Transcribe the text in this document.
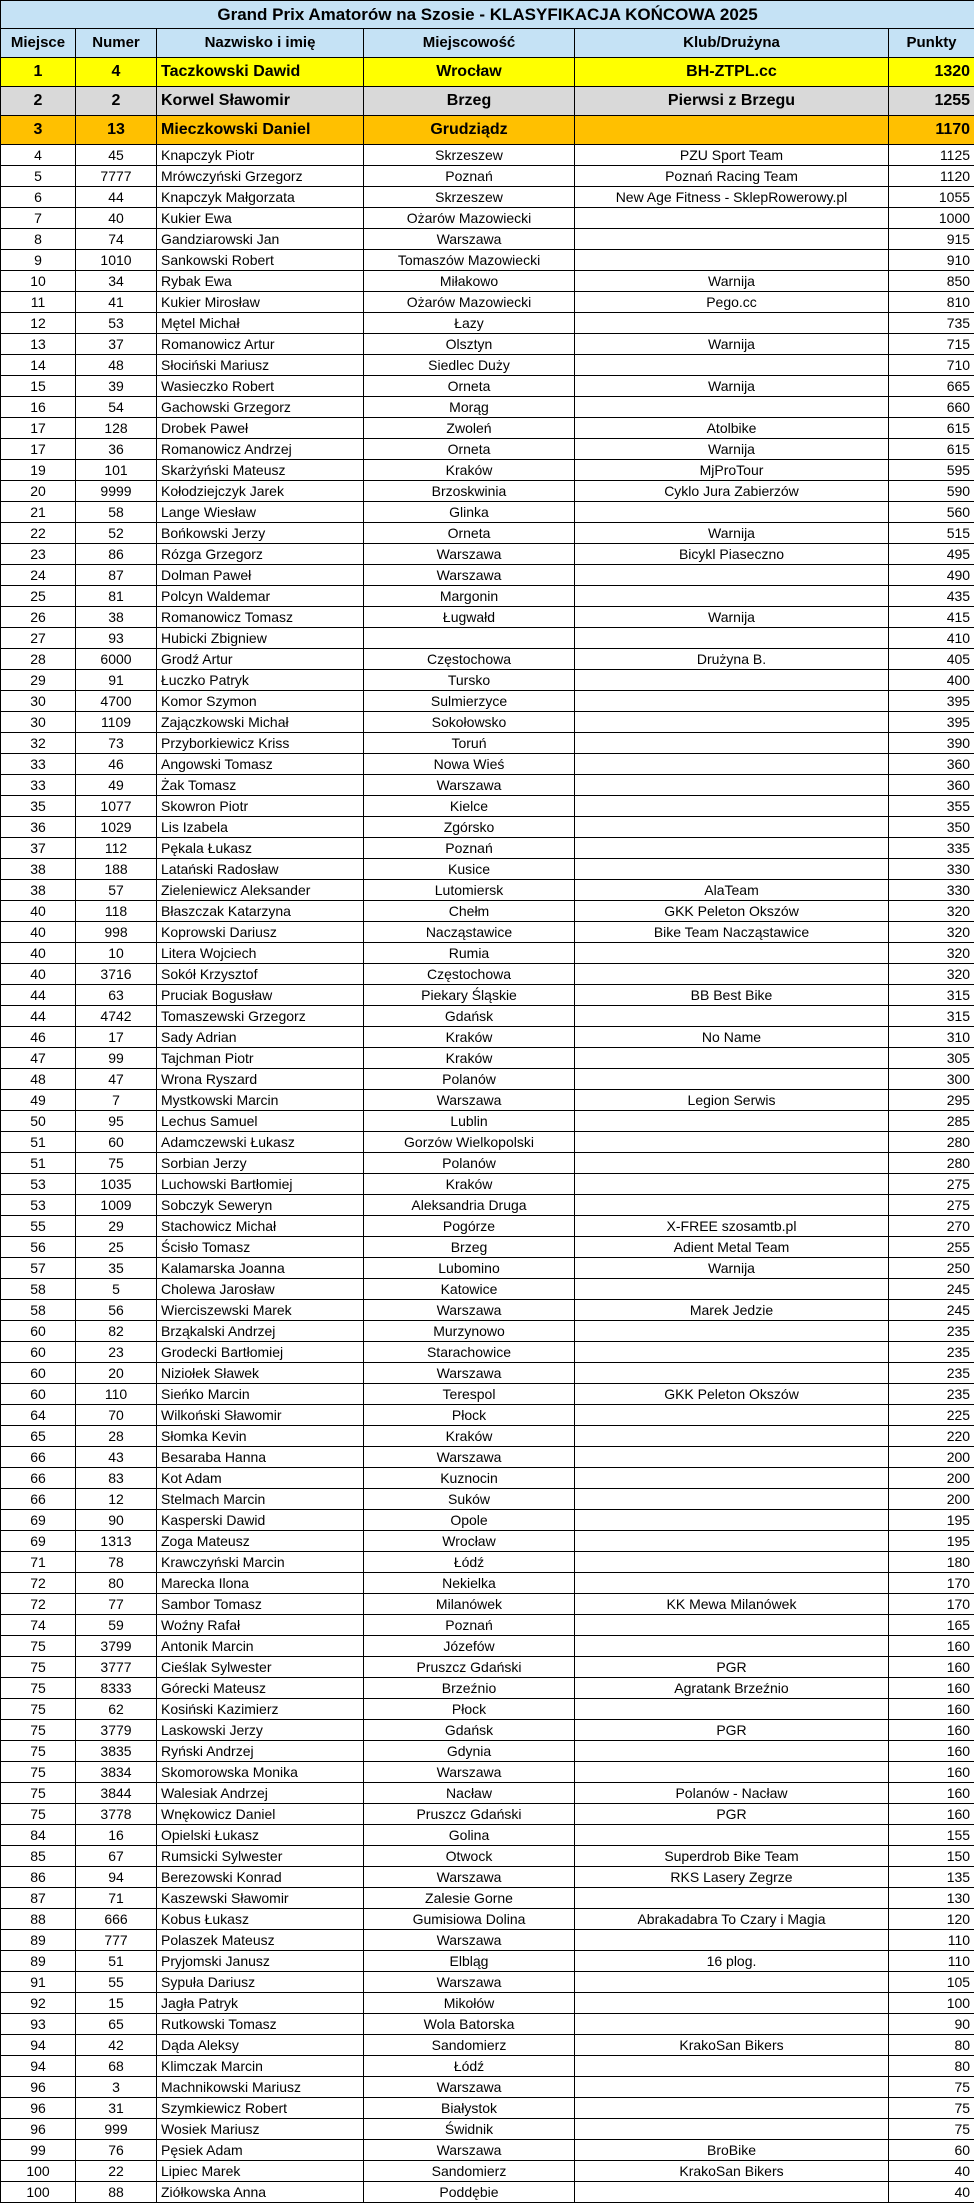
Grand Prix Amatorów na Szosie - KLASYFIKACJA KOŃCOWA 2025					
Miejsce	Numer	Nazwisko i imię	Miejscowość	Klub/Drużyna	Punkty
1	4	Taczkowski Dawid	Wrocław	BH-ZTPL.cc	1320
2	2	Korwel Sławomir	Brzeg	Pierwsi z Brzegu	1255
3	13	Mieczkowski Daniel	Grudziądz		1170
4	45	Knapczyk Piotr	Skrzeszew	PZU Sport Team	1125
5	7777	Mrówczyński Grzegorz	Poznań	Poznań Racing Team	1120
6	44	Knapczyk Małgorzata	Skrzeszew	New Age Fitness - SklepRowerowy.pl	1055
7	40	Kukier Ewa	Ożarów Mazowiecki		1000
8	74	Gandziarowski Jan	Warszawa		915
9	1010	Sankowski Robert	Tomaszów Mazowiecki		910
10	34	Rybak Ewa	Miłakowo	Warnija	850
11	41	Kukier Mirosław	Ożarów Mazowiecki	Pego.cc	810
12	53	Mętel Michał	Łazy		735
13	37	Romanowicz Artur	Olsztyn	Warnija	715
14	48	Słociński Mariusz	Siedlec Duży		710
15	39	Wasieczko Robert	Orneta	Warnija	665
16	54	Gachowski Grzegorz	Morąg		660
17	128	Drobek Paweł	Zwoleń	Atolbike	615
17	36	Romanowicz Andrzej	Orneta	Warnija	615
19	101	Skarżyński Mateusz	Kraków	MjProTour	595
20	9999	Kołodziejczyk Jarek	Brzoskwinia	Cyklo Jura Zabierzów	590
21	58	Lange Wiesław	Glinka		560
22	52	Bońkowski Jerzy	Orneta	Warnija	515
23	86	Rózga Grzegorz	Warszawa	Bicykl Piaseczno	495
24	87	Dolman Paweł	Warszawa		490
25	81	Polcyn Waldemar	Margonin		435
26	38	Romanowicz Tomasz	Ługwałd	Warnija	415
27	93	Hubicki Zbigniew			410
28	6000	Grodź Artur	Częstochowa	Drużyna B.	405
29	91	Łuczko Patryk	Tursko		400
30	4700	Komor Szymon	Sulmierzyce		395
30	1109	Zajączkowski Michał	Sokołowsko		395
32	73	Przyborkiewicz Kriss	Toruń		390
33	46	Angowski Tomasz	Nowa Wieś		360
33	49	Żak Tomasz	Warszawa		360
35	1077	Skowron Piotr	Kielce		355
36	1029	Lis Izabela	Zgórsko		350
37	112	Pękala Łukasz	Poznań		335
38	188	Latański Radosław	Kusice		330
38	57	Zieleniewicz Aleksander	Lutomiersk	AlaTeam	330
40	118	Błaszczak Katarzyna	Chełm	GKK Peleton Okszów	320
40	998	Koprowski Dariusz	Nacząstawice	Bike Team Nacząstawice	320
40	10	Litera Wojciech	Rumia		320
40	3716	Sokół Krzysztof	Częstochowa		320
44	63	Pruciak Bogusław	Piekary Śląskie	BB Best Bike	315
44	4742	Tomaszewski Grzegorz	Gdańsk		315
46	17	Sady Adrian	Kraków	No Name	310
47	99	Tajchman Piotr	Kraków		305
48	47	Wrona Ryszard	Polanów		300
49	7	Mystkowski Marcin	Warszawa	Legion Serwis	295
50	95	Lechus Samuel	Lublin		285
51	60	Adamczewski Łukasz	Gorzów Wielkopolski		280
51	75	Sorbian Jerzy	Polanów		280
53	1035	Luchowski Bartłomiej	Kraków		275
53	1009	Sobczyk Seweryn	Aleksandria Druga		275
55	29	Stachowicz Michał	Pogórze	X-FREE szosamtb.pl	270
56	25	Ścisło Tomasz	Brzeg	Adient Metal Team	255
57	35	Kalamarska Joanna	Lubomino	Warnija	250
58	5	Cholewa Jarosław	Katowice		245
58	56	Wierciszewski Marek	Warszawa	Marek Jedzie	245
60	82	Brząkalski Andrzej	Murzynowo		235
60	23	Grodecki Bartłomiej	Starachowice		235
60	20	Niziołek Sławek	Warszawa		235
60	110	Sieńko Marcin	Terespol	GKK Peleton Okszów	235
64	70	Wilkoński Sławomir	Płock		225
65	28	Słomka Kevin	Kraków		220
66	43	Besaraba Hanna	Warszawa		200
66	83	Kot Adam	Kuznocin		200
66	12	Stelmach Marcin	Suków		200
69	90	Kasperski Dawid	Opole		195
69	1313	Zoga Mateusz	Wrocław		195
71	78	Krawczyński Marcin	Łódź		180
72	80	Marecka Ilona	Nekielka		170
72	77	Sambor Tomasz	Milanówek	KK Mewa Milanówek	170
74	59	Woźny Rafał	Poznań		165
75	3799	Antonik Marcin	Józefów		160
75	3777	Cieślak Sylwester	Pruszcz Gdański	PGR	160
75	8333	Górecki Mateusz	Brzeźnio	Agratank Brzeźnio	160
75	62	Kosiński Kazimierz	Płock		160
75	3779	Laskowski Jerzy	Gdańsk	PGR	160
75	3835	Ryński Andrzej	Gdynia		160
75	3834	Skomorowska Monika	Warszawa		160
75	3844	Walesiak Andrzej	Nacław	Polanów - Nacław	160
75	3778	Wnękowicz Daniel	Pruszcz Gdański	PGR	160
84	16	Opielski Łukasz	Golina		155
85	67	Rumsicki Sylwester	Otwock	Superdrob Bike Team	150
86	94	Berezowski Konrad	Warszawa	RKS Lasery Zegrze	135
87	71	Kaszewski Sławomir	Zalesie Gorne		130
88	666	Kobus Łukasz	Gumisiowa Dolina	Abrakadabra To Czary i Magia	120
89	777	Polaszek Mateusz	Warszawa		110
89	51	Pryjomski Janusz	Elbląg	16 plog.	110
91	55	Sypuła Dariusz	Warszawa		105
92	15	Jagła Patryk	Mikołów		100
93	65	Rutkowski Tomasz	Wola Batorska		90
94	42	Dąda Aleksy	Sandomierz	KrakoSan Bikers	80
94	68	Klimczak Marcin	Łódź		80
96	3	Machnikowski Mariusz	Warszawa		75
96	31	Szymkiewicz Robert	Białystok		75
96	999	Wosiek Mariusz	Świdnik		75
99	76	Pęsiek Adam	Warszawa	BroBike	60
100	22	Lipiec Marek	Sandomierz	KrakoSan Bikers	40
100	88	Ziółkowska Anna	Poddębie		40
